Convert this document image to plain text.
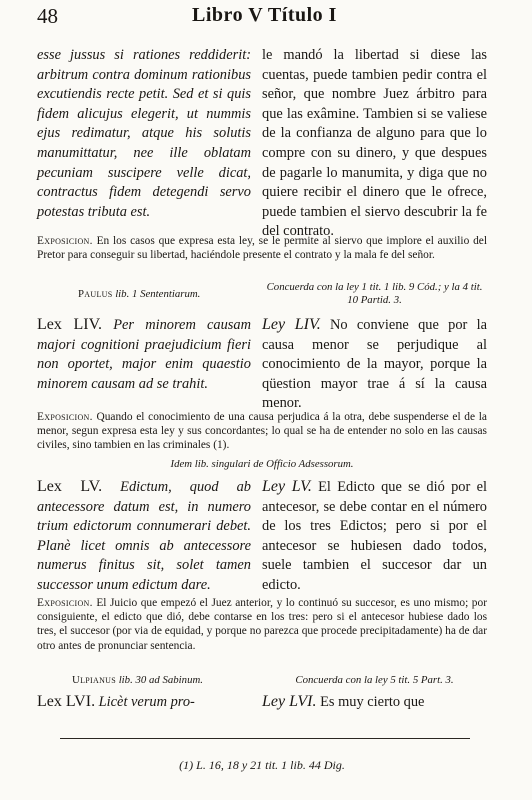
48	Libro V Título I
esse jussus si rationes reddiderit: arbitrum contra dominum rationibus excutiendis recte petit. Sed et si quis fidem alicujus elegerit, ut nummis ejus redimatur, atque his solutis manumittatur, nee ille oblatam pecuniam suscipere velle dicat, contractus fidem detegendi servo potestas tributa est.
le mandó la libertad si diese las cuentas, puede tambien pedir contra el señor, que nombre Juez árbitro para que las exâmine. Tambien si se valiese de la confianza de alguno para que lo compre con su dinero, y que despues de pagarle lo manumita, y diga que no quiere recibir el dinero que le ofrece, puede tambien el siervo descubrir la fe del contrato.
Exposicion. En los casos que expresa esta ley, se le permite al siervo que implore el auxilio del Pretor para conseguir su libertad, haciéndole presente el contrato y la mala fe del señor.
Paulus lib. 1 Sententiarum.
Concuerda con la ley 1 tit. 1 lib. 9 Cód.; y la 4 tit. 10 Partid. 3.
Lex LIV. Per minorem causam majori cognitioni praejudicium fieri non oportet, major enim quaestio minorem causam ad se trahit.
Ley LIV. No conviene que por la causa menor se perjudique al conocimiento de la mayor, porque la qüestion mayor trae á sí la causa menor.
Exposicion. Quando el conocimiento de una causa perjudica á la otra, debe suspenderse el de la menor, segun expresa esta ley y sus concordantes; lo qual se ha de entender no solo en las causas civiles, sino tambien en las criminales (1).
Idem lib. singulari de Officio Adsessorum.
Lex LV. Edictum, quod ab antecessore datum est, in numero trium edictorum connumerari debet. Planè licet omnis ab antecessore numerus finitus sit, solet tamen successor unum edictum dare.
Ley LV. El Edicto que se dió por el antecesor, se debe contar en el número de los tres Edictos; pero si por el antecesor se hubiesen dado todos, suele tambien el succesor dar un edicto.
Exposicion. El Juicio que empezó el Juez anterior, y lo continuó su succesor, es uno mismo; por consiguiente, el edicto que dió, debe contarse en los tres: pero si el antecesor hubiese dado los tres, el succesor (por via de equidad, y porque no parezca que procede precipitadamente) ha de dar otro antes de pronunciar sentencia.
Ulpianus lib. 30 ad Sabinum.	Concuerda con la ley 5 tit. 5 Part. 3.
Lex LVI. Licèt verum pro-	Ley LVI. Es muy cierto que
(1) L. 16, 18 y 21 tit. 1 lib. 44 Dig.
